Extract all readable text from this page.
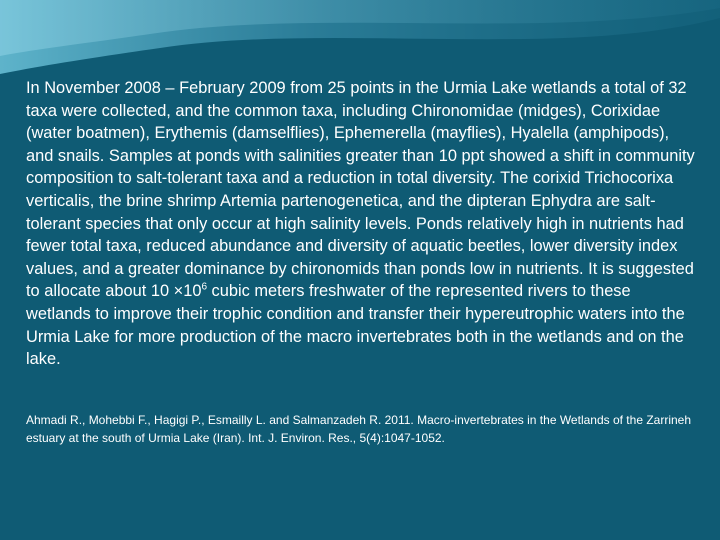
In November 2008 – February 2009 from 25 points in the Urmia Lake wetlands a total of 32 taxa were collected, and the common taxa, including Chironomidae (midges), Corixidae (water boatmen), Erythemis (damselflies), Ephemerella (mayflies), Hyalella (amphipods), and snails. Samples at ponds with salinities greater than 10 ppt showed a shift in community composition to salt-tolerant taxa and a reduction in total diversity. The corixid Trichocorixa verticalis, the brine shrimp Artemia partenogenetica, and the dipteran Ephydra are salt-tolerant species that only occur at high salinity levels. Ponds relatively high in nutrients had fewer total taxa, reduced abundance and diversity of aquatic beetles, lower diversity index values, and a greater dominance by chironomids than ponds low in nutrients. It is suggested to allocate about $10 \times 10^6$ cubic meters freshwater of the represented rivers to these wetlands to improve their trophic condition and transfer their hypereutrophic waters into the Urmia Lake for more production of the macro invertebrates both in the wetlands and on the lake.

Ahmadi R., Mohebbi F., Hagigi P., Esmailly L. and Salmanzadeh R. 2011. Macro-invertebrates in the Wetlands of the Zarrineh estuary at the south of Urmia Lake (Iran). Int. J. Environ. Res., 5(4):1047-1052.
